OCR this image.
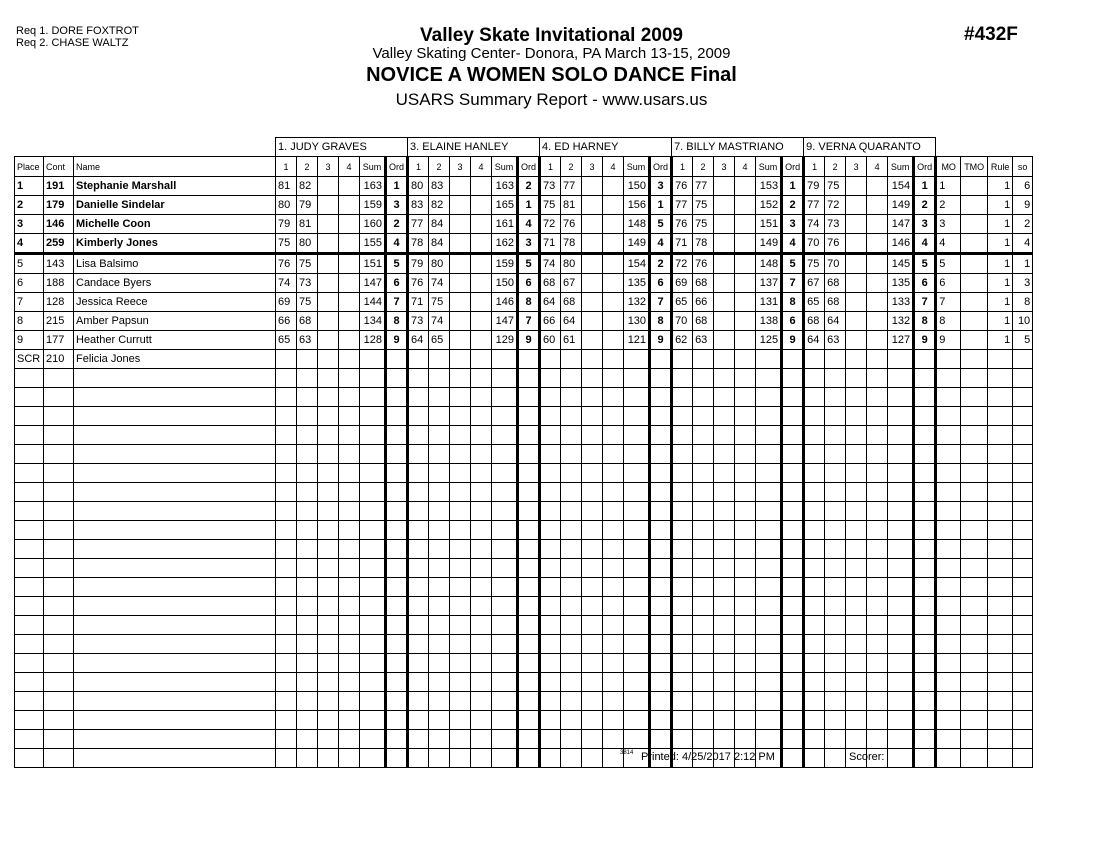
Req 1. DORE FOXTROT
Req 2. CHASE WALTZ	Valley Skate Invitational 2009
Valley Skating Center- Donora, PA March 13-15, 2009
NOVICE A WOMEN SOLO DANCE Final
USARS Summary Report - www.usars.us
#432F
			1. JUDY GRAVES						3. ELAINE HANLEY						4. ED HARNEY						7. BILLY MASTRIANO						9. VERNA QUARANTO									
Place	Cont	Name	1	2	3	4	Sum	Ord	1	2	3	4	Sum	Ord	1	2	3	4	Sum	Ord	1	2	3	4	Sum	Ord	1	2	3	4	Sum	Ord	MO	TMO	Rule	so
1	191	Stephanie Marshall	81	82			163	1	80	83			163	2	73	77			150	3	76	77			153	1	79	75			154	1	1		1	6
2	179	Danielle Sindelar	80	79			159	3	83	82			165	1	75	81			156	1	77	75			152	2	77	72			149	2	2		1	9
3	146	Michelle Coon	79	81			160	2	77	84			161	4	72	76			148	5	76	75			151	3	74	73			147	3	3		1	2
4	259	Kimberly Jones	75	80			155	4	78	84			162	3	71	78			149	4	71	78			149	4	70	76			146	4	4		1	4
5	143	Lisa Balsimo	76	75			151	5	79	80			159	5	74	80			154	2	72	76			148	5	75	70			145	5	5		1	1
6	188	Candace Byers	74	73			147	6	76	74			150	6	68	67			135	6	69	68			137	7	67	68			135	6	6		1	3
7	128	Jessica Reece	69	75			144	7	71	75			146	8	64	68			132	7	65	66			131	8	65	68			133	7	7		1	8
8	215	Amber Papsun	66	68			134	8	73	74			147	7	66	64			130	8	70	68			138	6	68	64			132	8	8		1	10
9	177	Heather Currutt	65	63			128	9	64	65			129	9	60	61			121	9	62	63			125	9	64	63			127	9	9		1	5
SCR	210	Felicia Jones																																		

3814 Printed: 4/25/2017 2:12 PM	Scorer:
